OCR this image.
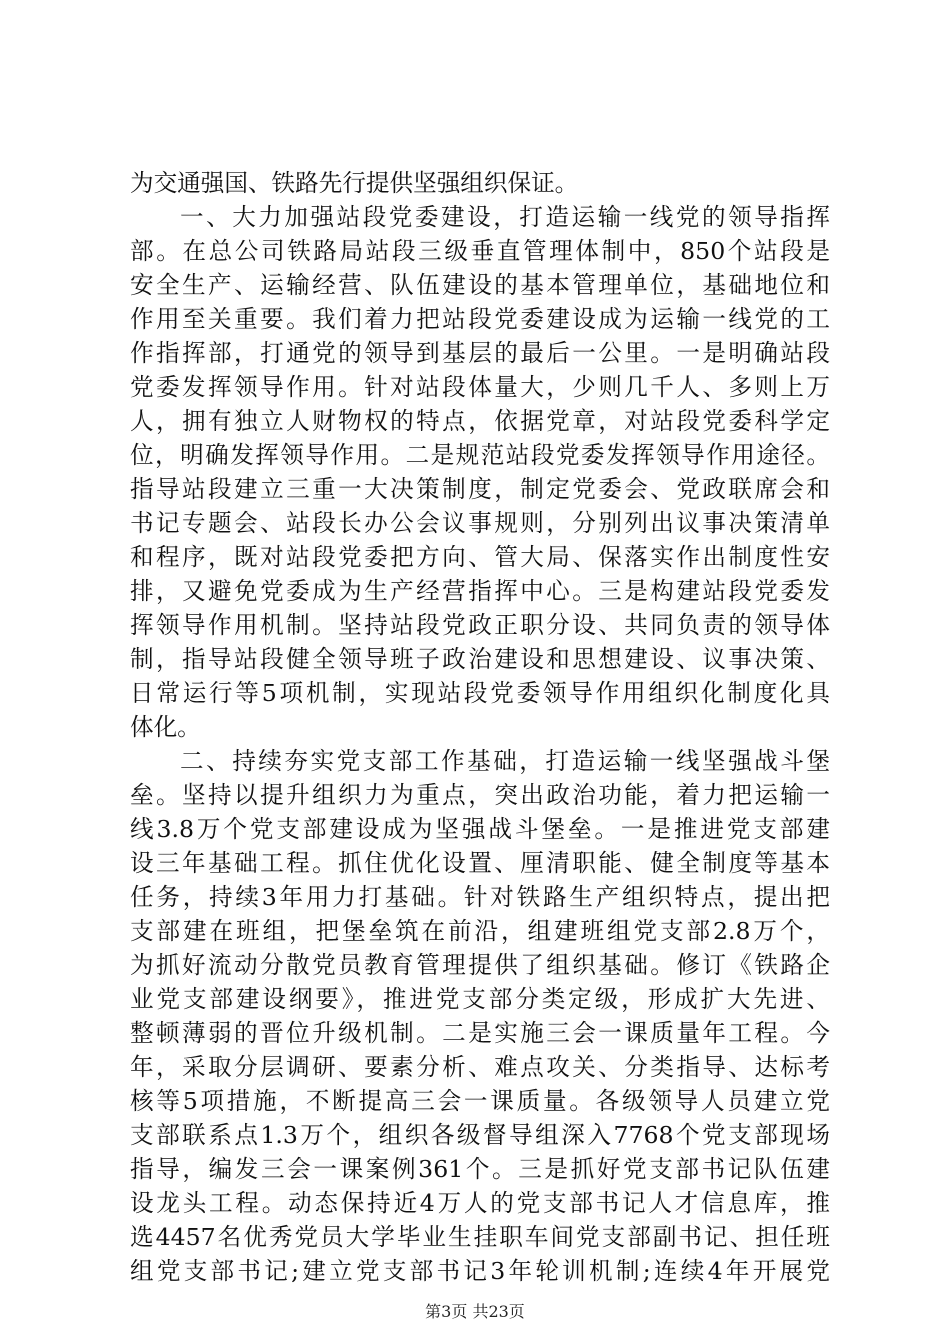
为交通强国、铁路先行提供坚强组织保证。
一、大力加强站段党委建设，打造运输一线党的领导指挥
部。在总公司铁路局站段三级垂直管理体制中，850个站段是
安全生产、运输经营、队伍建设的基本管理单位，基础地位和
作用至关重要。我们着力把站段党委建设成为运输一线党的工
作指挥部，打通党的领导到基层的最后一公里。一是明确站段
党委发挥领导作用。针对站段体量大，少则几千人、多则上万
人，拥有独立人财物权的特点，依据党章，对站段党委科学定
位，明确发挥领导作用。二是规范站段党委发挥领导作用途径。
指导站段建立三重一大决策制度，制定党委会、党政联席会和
书记专题会、站段长办公会议事规则，分别列出议事决策清单
和程序，既对站段党委把方向、管大局、保落实作出制度性安
排，又避免党委成为生产经营指挥中心。三是构建站段党委发
挥领导作用机制。坚持站段党政正职分设、共同负责的领导体
制，指导站段健全领导班子政治建设和思想建设、议事决策、
日常运行等5项机制，实现站段党委领导作用组织化制度化具
体化。
二、持续夯实党支部工作基础，打造运输一线坚强战斗堡
垒。坚持以提升组织力为重点，突出政治功能，着力把运输一
线3.8万个党支部建设成为坚强战斗堡垒。一是推进党支部建
设三年基础工程。抓住优化设置、厘清职能、健全制度等基本
任务，持续3年用力打基础。针对铁路生产组织特点，提出把
支部建在班组，把堡垒筑在前沿，组建班组党支部2.8万个，
为抓好流动分散党员教育管理提供了组织基础。修订《铁路企
业党支部建设纲要》，推进党支部分类定级，形成扩大先进、
整顿薄弱的晋位升级机制。二是实施三会一课质量年工程。今
年，采取分层调研、要素分析、难点攻关、分类指导、达标考
核等5项措施，不断提高三会一课质量。各级领导人员建立党
支部联系点1.3万个，组织各级督导组深入7768个党支部现场
指导，编发三会一课案例361个。三是抓好党支部书记队伍建
设龙头工程。动态保持近4万人的党支部书记人才信息库，推
选4457名优秀党员大学毕业生挂职车间党支部副书记、担任班
组党支部书记;建立党支部书记3年轮训机制;连续4年开展党
第3页 共23页
